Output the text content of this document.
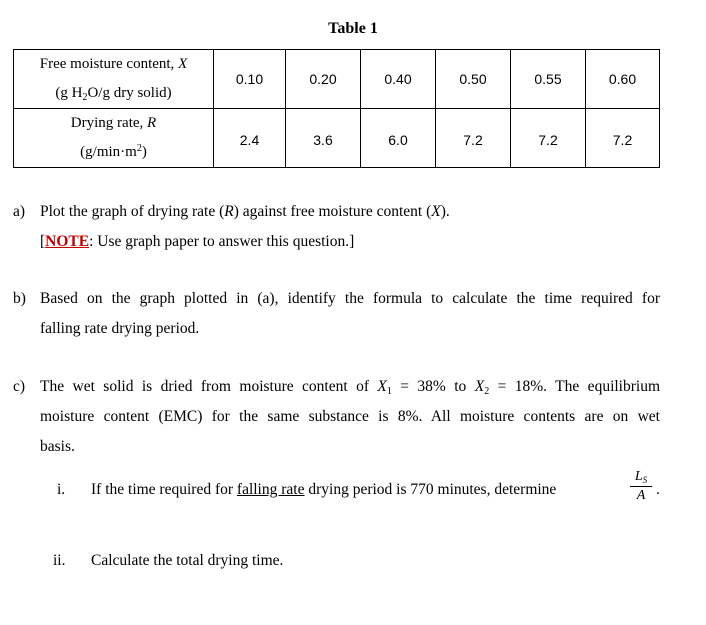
Table 1
Free moisture content, X
(g $H_2O/g$ dry solid)	0.10	0.20	0.40	0.50	0.55	0.60

Drying rate, R
$(g/\min\cdot m^2)$	2.4	3.6	6.0	7.2	7.2	7.2
a) Plot the graph of drying rate (R) against free moisture content (X).
[NOTE: Use graph paper to answer this question.]
b) Based on the graph plotted in (a), identify the formula to calculate the time required for
falling rate drying period.
c) The wet solid is dried from moisture content of $X_1 = 38\%$ to $X_2 = 18\%$. The equilibrium
moisture content (EMC) for the same substance is 8%. All moisture contents are on wet
basis.
i. If the time required for falling rate drying period is 770 minutes, determine
$L_S$
A .
ii. Calculate the total drying time.
